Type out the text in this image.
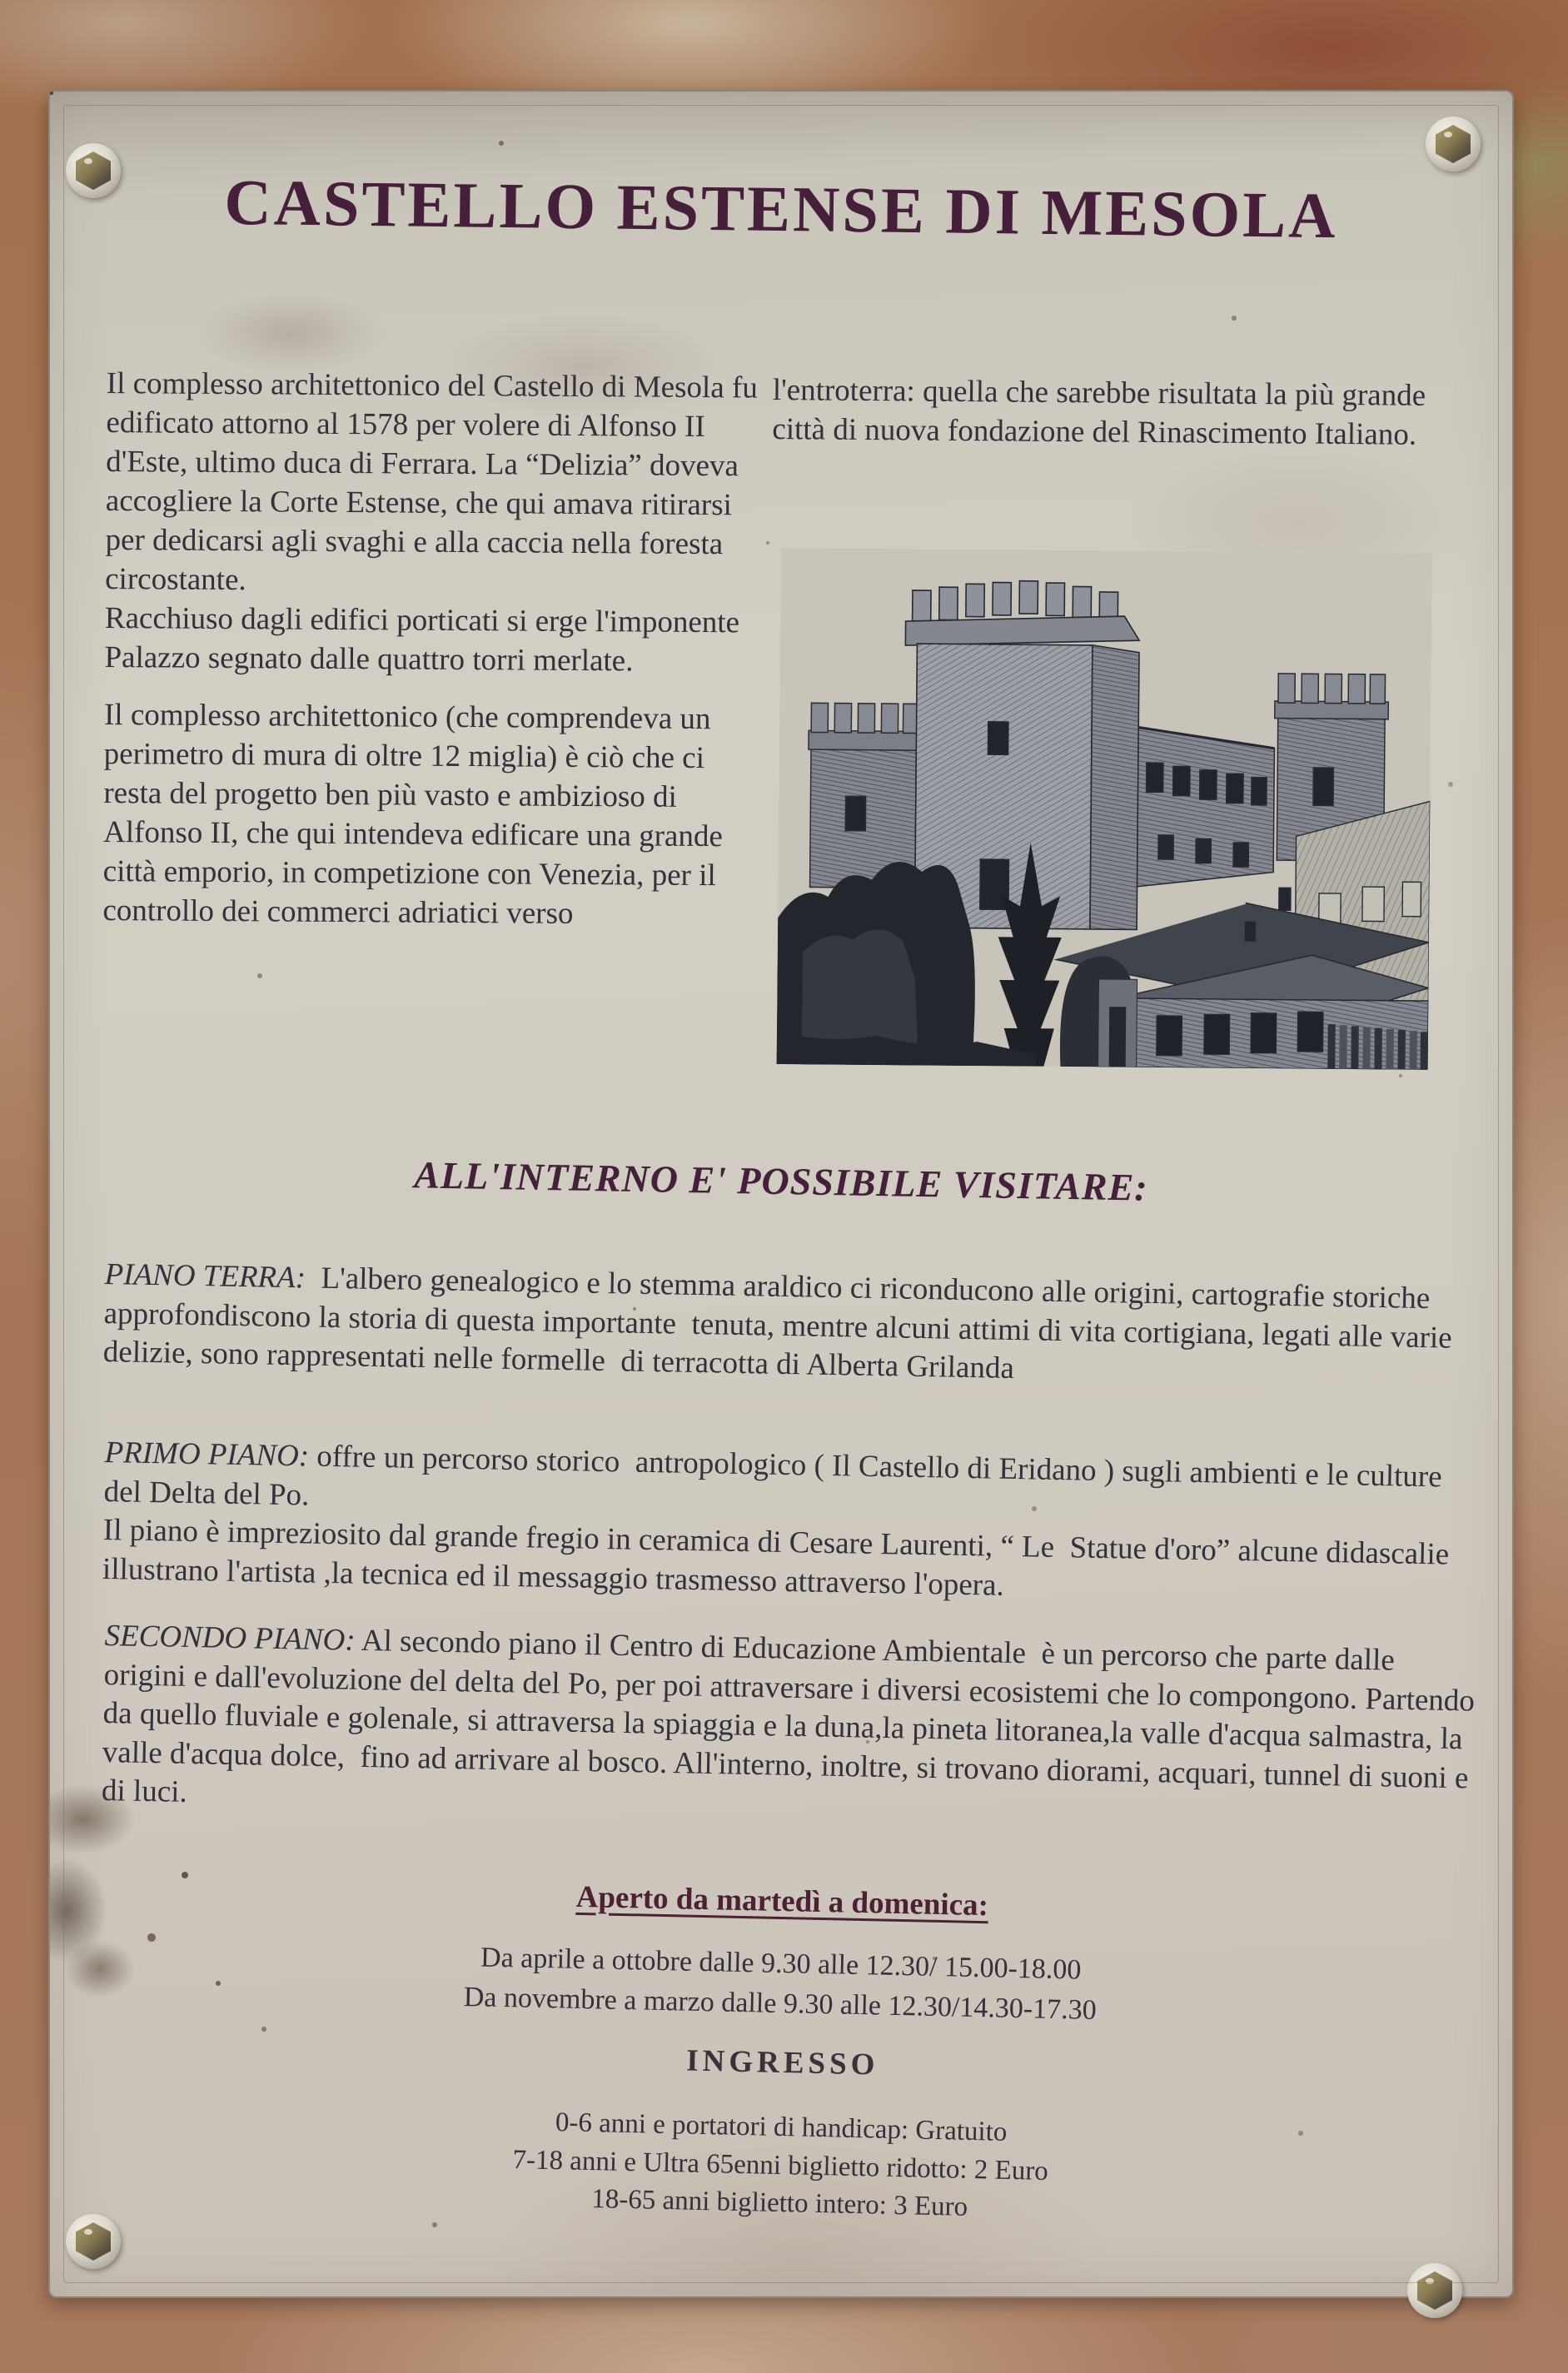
CASTELLO ESTENSE DI MESOLA

Il complesso architettonico del Castello di Mesola fu edificato attorno al 1578 per volere di Alfonso II d'Este, ultimo duca di Ferrara. La “Delizia” doveva accogliere la Corte Estense, che qui amava ritirarsi per dedicarsi agli svaghi e alla caccia nella foresta circostante.

Racchiuso dagli edifici porticati si erge l'imponente Palazzo segnato dalle quattro torri merlate.

Il complesso architettonico (che comprendeva un perimetro di mura di oltre 12 miglia) è ciò che ci resta del progetto ben più vasto e ambizioso di Alfonso II, che qui intendeva edificare una grande città emporio, in competizione con Venezia, per il controllo dei commerci adriatici verso

l'entroterra: quella che sarebbe risultata la più grande città di nuova fondazione del Rinascimento Italiano.

ALL'INTERNO E' POSSIBILE VISITARE:

PIANO TERRA:  L'albero genealogico e lo stemma araldico ci riconducono alle origini, cartografie storiche  approfondiscono la storia di questa importante  tenuta, mentre alcuni attimi di vita cortigiana, legati alle varie delizie, sono rappresentati nelle formelle  di terracotta di Alberta Grilanda

PRIMO PIANO: offre un percorso storico  antropologico ( Il Castello di Eridano ) sugli ambienti e le culture del Delta del Po.
Il piano è impreziosito dal grande fregio in ceramica di Cesare Laurenti, “ Le  Statue d'oro” alcune didascalie  illustrano l'artista ,la tecnica ed il messaggio trasmesso attraverso l'opera.

SECONDO PIANO: Al secondo piano il Centro di Educazione Ambientale  è un percorso che parte dalle origini e dall'evoluzione del delta del Po, per poi attraversare i diversi ecosistemi che lo compongono. Partendo da quello fluviale e golenale, si attraversa la spiaggia e la duna,la pineta litoranea,la valle d'acqua salmastra, la valle d'acqua dolce,  fino ad arrivare al bosco. All'interno, inoltre, si trovano diorami, acquari, tunnel di suoni e di luci.

Aperto da martedì a domenica:

Da aprile a ottobre dalle 9.30 alle 12.30/ 15.00-18.00

Da novembre a marzo dalle 9.30 alle 12.30/14.30-17.30

INGRESSO

0-6 anni e portatori di handicap: Gratuito

7-18 anni e Ultra 65enni biglietto ridotto: 2 Euro

18-65 anni biglietto intero: 3 Euro
